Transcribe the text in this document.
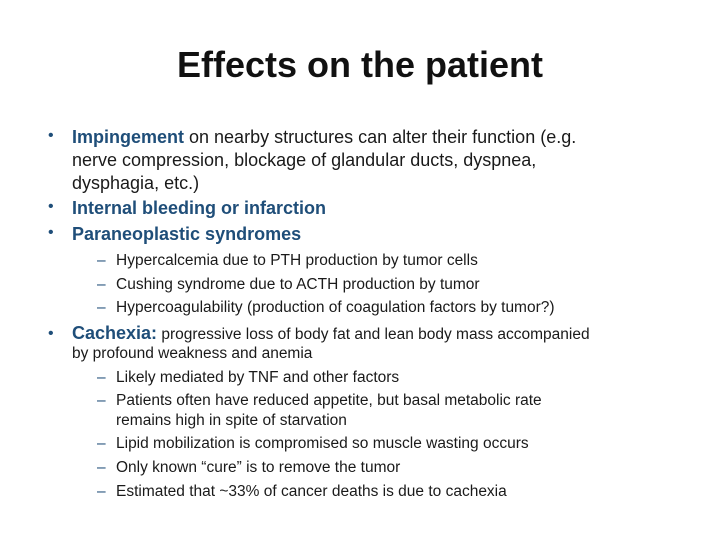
Effects on the patient
• Impingement on nearby structures can alter their function (e.g.
nerve compression, blockage of glandular ducts, dyspnea,
dysphagia, etc.)
• Internal bleeding or infarction
• Paraneoplastic syndromes
– Hypercalcemia due to PTH production by tumor cells
– Cushing syndrome due to ACTH production by tumor
– Hypercoagulability (production of coagulation factors by tumor?)
• Cachexia: progressive loss of body fat and lean body mass accompanied
by profound weakness and anemia
– Likely mediated by TNF and other factors
– Patients often have reduced appetite, but basal metabolic rate
remains high in spite of starvation
– Lipid mobilization is compromised so muscle wasting occurs
– Only known “cure” is to remove the tumor
– Estimated that ~33% of cancer deaths is due to cachexia
